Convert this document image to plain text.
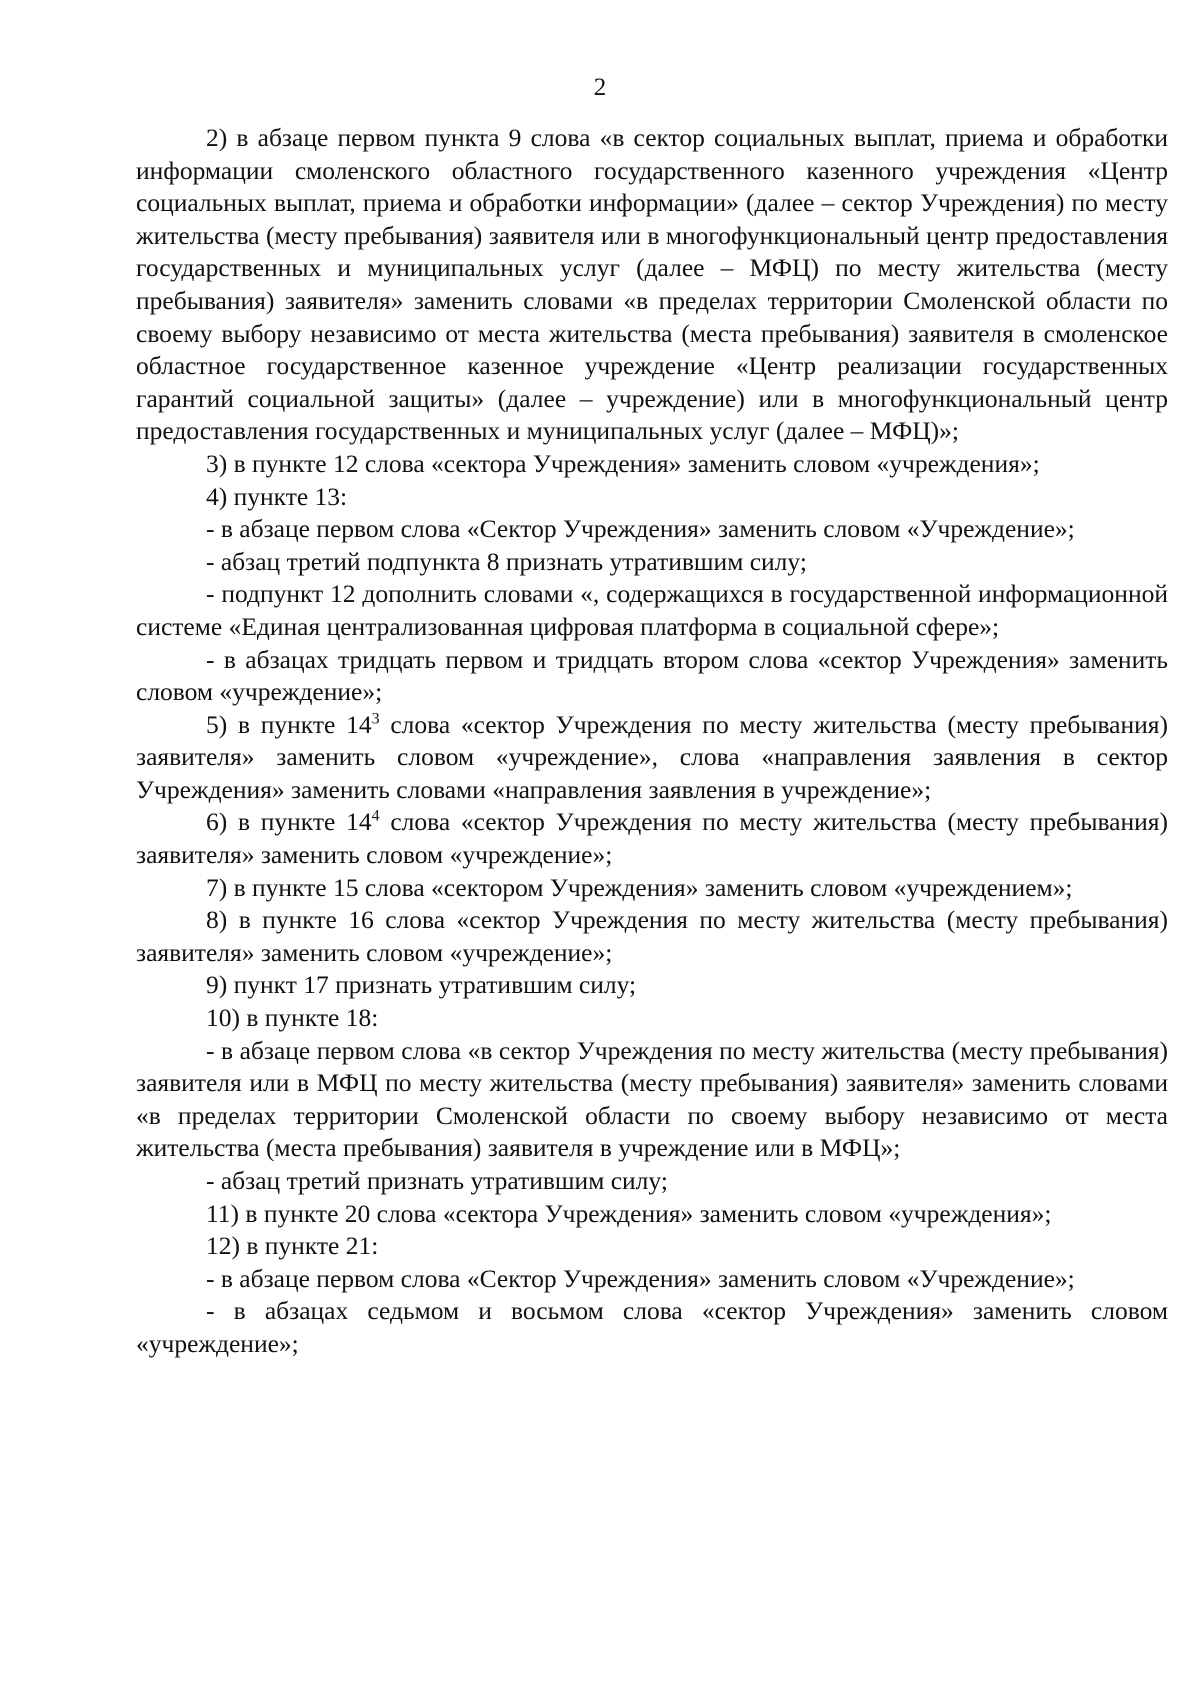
2

2) в абзаце первом пункта 9 слова «в сектор социальных выплат, приема и обработки информации смоленского областного государственного казенного учреждения «Центр социальных выплат, приема и обработки информации» (далее – сектор Учреждения) по месту жительства (месту пребывания) заявителя или в многофункциональный центр предоставления государственных и муниципальных услуг (далее – МФЦ) по месту жительства (месту пребывания) заявителя» заменить словами «в пределах территории Смоленской области по своему выбору независимо от места жительства (места пребывания) заявителя в смоленское областное государственное казенное учреждение «Центр реализации государственных гарантий социальной защиты» (далее – учреждение) или в многофункциональный центр предоставления государственных и муниципальных услуг (далее – МФЦ)»;

3) в пункте 12 слова «сектора Учреждения» заменить словом «учреждения»;

4) пункте 13:

- в абзаце первом слова «Сектор Учреждения» заменить словом «Учреждение»;

- абзац третий подпункта 8 признать утратившим силу;

- подпункт 12 дополнить словами «, содержащихся в государственной информационной системе «Единая централизованная цифровая платформа в социальной сфере»;

- в абзацах тридцать первом и тридцать втором слова «сектор Учреждения» заменить словом «учреждение»;

5) в пункте $14^3$ слова «сектор Учреждения по месту жительства (месту пребывания) заявителя» заменить словом «учреждение», слова «направления заявления в сектор Учреждения» заменить словами «направления заявления в учреждение»;

6) в пункте $14^4$ слова «сектор Учреждения по месту жительства (месту пребывания) заявителя» заменить словом «учреждение»;

7) в пункте 15 слова «сектором Учреждения» заменить словом «учреждением»;

8) в пункте 16 слова «сектор Учреждения по месту жительства (месту пребывания) заявителя» заменить словом «учреждение»;

9) пункт 17 признать утратившим силу;

10) в пункте 18:

- в абзаце первом слова «в сектор Учреждения по месту жительства (месту пребывания) заявителя или в МФЦ по месту жительства (месту пребывания) заявителя» заменить словами «в пределах территории Смоленской области по своему выбору независимо от места жительства (места пребывания) заявителя в учреждение или в МФЦ»;

- абзац третий признать утратившим силу;

11) в пункте 20 слова «сектора Учреждения» заменить словом «учреждения»;

12) в пункте 21:

- в абзаце первом слова «Сектор Учреждения» заменить словом «Учреждение»;

- в абзацах седьмом и восьмом слова «сектор Учреждения» заменить словом «учреждение»;
